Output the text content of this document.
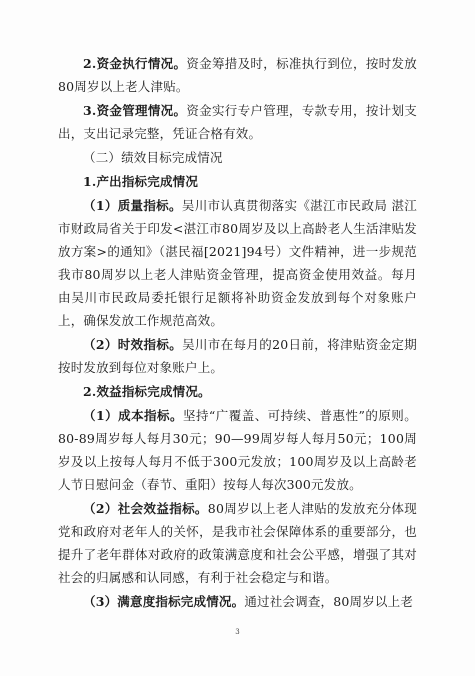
2.资金执行情况。资金筹措及时，标准执行到位，按时发放80周岁以上老人津贴。

3.资金管理情况。资金实行专户管理，专款专用，按计划支出，支出记录完整，凭证合格有效。

（二）绩效目标完成情况

1.产出指标完成情况

（1）质量指标。吴川市认真贯彻落实《湛江市民政局 湛江市财政局省关于印发<湛江市80周岁及以上高龄老人生活津贴发放方案>的通知》（湛民福[2021]94号）文件精神，进一步规范我市80周岁以上老人津贴资金管理，提高资金使用效益。每月由吴川市民政局委托银行足额将补助资金发放到每个对象账户上，确保发放工作规范高效。

（2）时效指标。吴川市在每月的20日前，将津贴资金定期按时发放到每位对象账户上。

2.效益指标完成情况。

（1）成本指标。坚持“广覆盖、可持续、普惠性”的原则。80-89周岁每人每月30元；90—99周岁每人每月50元；100周岁及以上按每人每月不低于300元发放；100周岁及以上高龄老人节日慰问金（春节、重阳）按每人每次300元发放。

（2）社会效益指标。80周岁以上老人津贴的发放充分体现党和政府对老年人的关怀，是我市社会保障体系的重要部分，也提升了老年群体对政府的政策满意度和社会公平感，增强了其对社会的归属感和认同感，有利于社会稳定与和谐。

（3）满意度指标完成情况。通过社会调查，80周岁以上老

3
